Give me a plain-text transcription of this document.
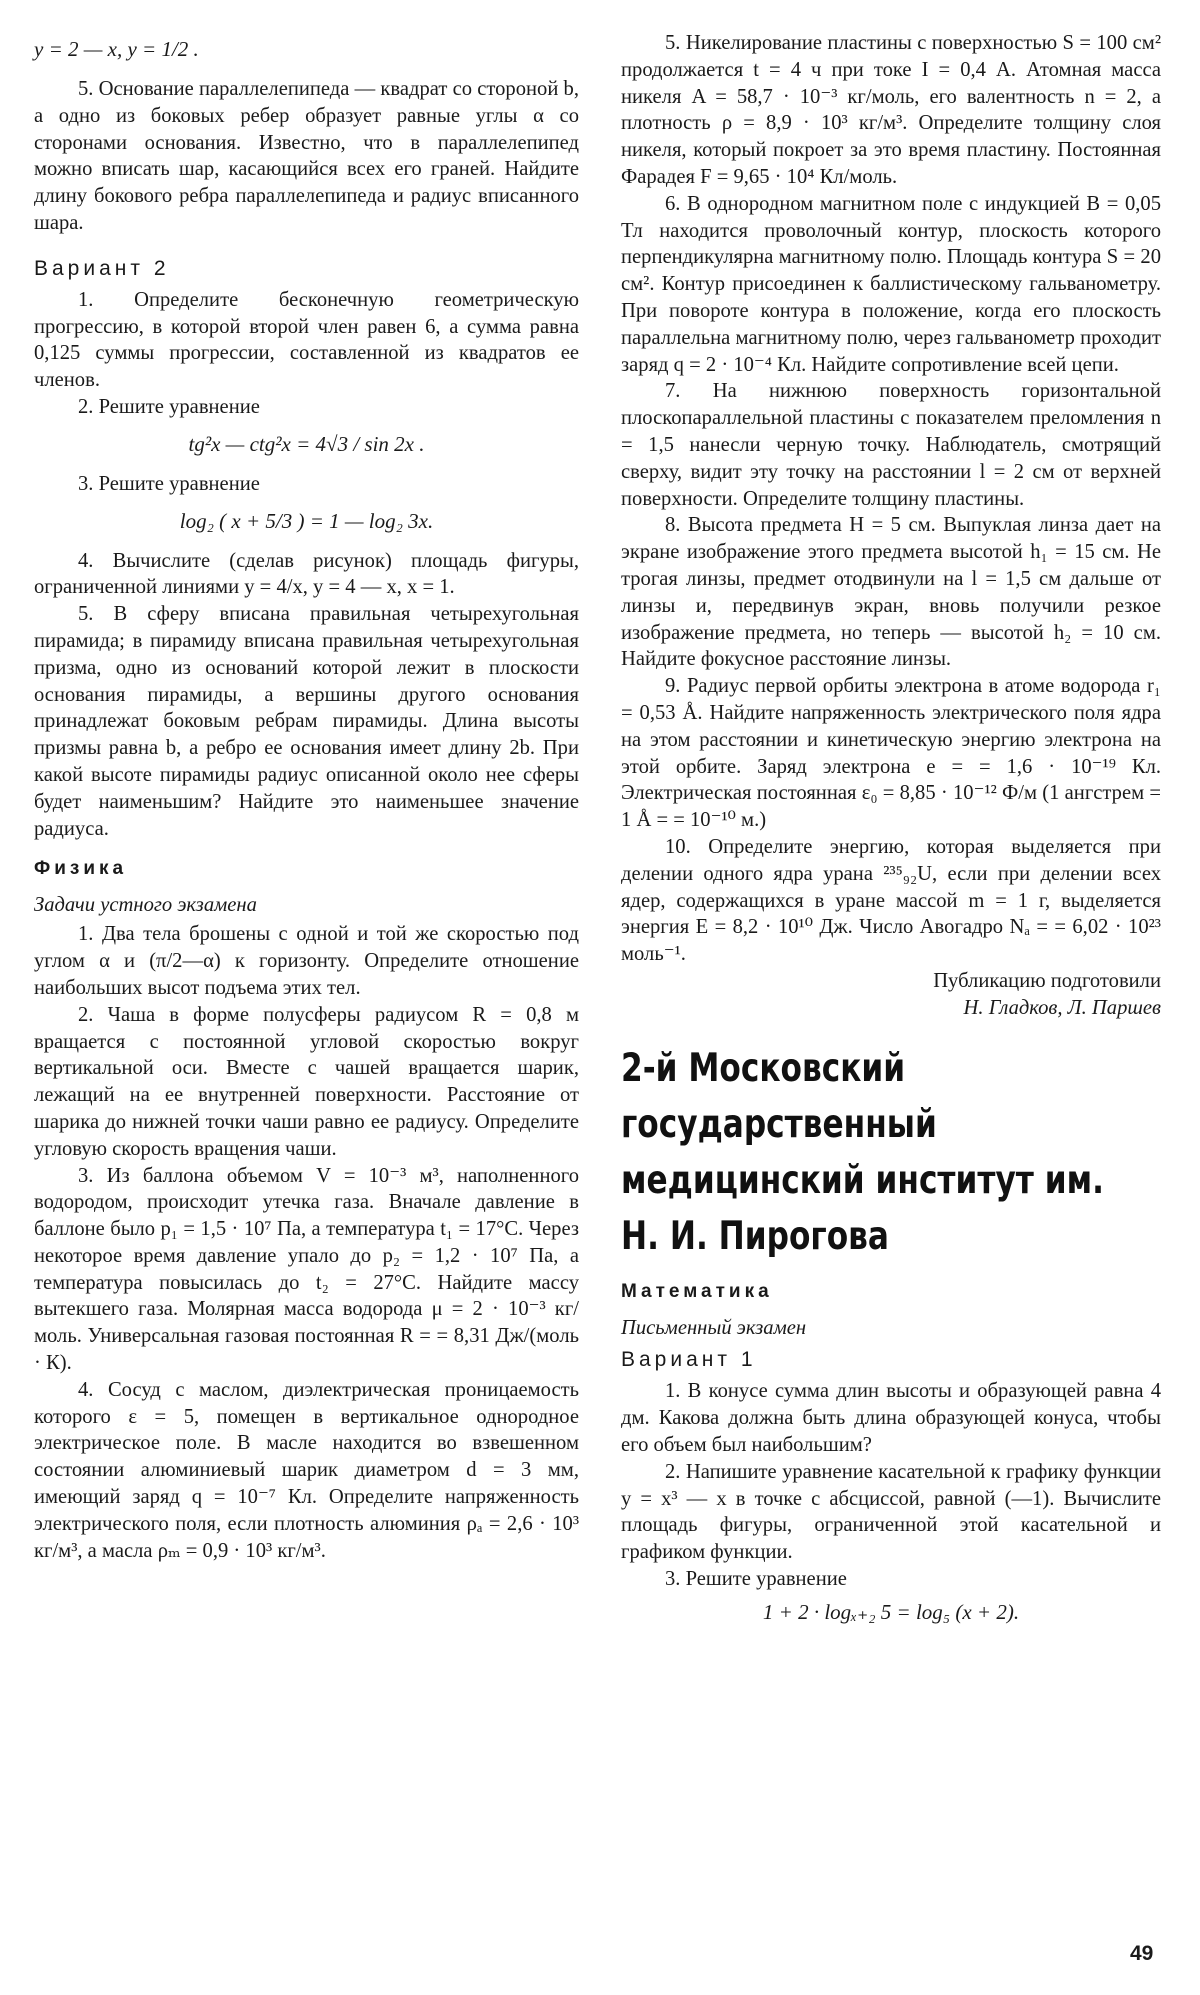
y = 2 — x, y = 1/2 .

5. Основание параллелепипеда — квадрат со стороной b, а одно из боковых ребер образует равные углы α со сторонами основания. Известно, что в параллелепипед можно вписать шар, касающийся всех его граней. Найдите длину бокового ребра параллелепипеда и радиус вписанного шара.

Вариант 2

1. Определите бесконечную геометрическую прогрессию, в которой второй член равен 6, а сумма равна 0,125 суммы прогрессии, составленной из квадратов ее членов.

2. Решите уравнение

tg²x — ctg²x = 4√3 / sin 2x .

3. Решите уравнение

log₂ ( x + 5/3 ) = 1 — log₂ 3x.

4. Вычислите (сделав рисунок) площадь фигуры, ограниченной линиями y = 4/x, y = 4 — x, x = 1.

5. В сферу вписана правильная четырехугольная пирамида; в пирамиду вписана правильная четырехугольная призма, одно из оснований которой лежит в плоскости основания пирамиды, а вершины другого основания принадлежат боковым ребрам пирамиды. Длина высоты призмы равна b, а ребро ее основания имеет длину 2b. При какой высоте пирамиды радиус описанной около нее сферы будет наименьшим? Найдите это наименьшее значение радиуса.

Физика
Задачи устного экзамена

1. Два тела брошены с одной и той же скоростью под углом α и (π/2—α) к горизонту. Определите отношение наибольших высот подъема этих тел.

2. Чаша в форме полусферы радиусом R = 0,8 м вращается с постоянной угловой скоростью вокруг вертикальной оси. Вместе с чашей вращается шарик, лежащий на ее внутренней поверхности. Расстояние от шарика до нижней точки чаши равно ее радиусу. Определите угловую скорость вращения чаши.

3. Из баллона объемом V = 10⁻³ м³, наполненного водородом, происходит утечка газа. Вначале давление в баллоне было p₁ = 1,5 · 10⁷ Па, а температура t₁ = 17°С. Через некоторое время давление упало до p₂ = 1,2 · 10⁷ Па, а температура повысилась до t₂ = 27°С. Найдите массу вытекшего газа. Молярная масса водорода μ = 2 · 10⁻³ кг/моль. Универсальная газовая постоянная R = = 8,31 Дж/(моль · К).

4. Сосуд с маслом, диэлектрическая проницаемость которого ε = 5, помещен в вертикальное однородное электрическое поле. В масле находится во взвешенном состоянии алюминиевый шарик диаметром d = 3 мм, имеющий заряд q = 10⁻⁷ Кл. Определите напряженность электрического поля, если плотность алюминия ρₐ = 2,6 · 10³ кг/м³, а масла ρₘ = 0,9 · 10³ кг/м³.

5. Никелирование пластины с поверхностью S = 100 см² продолжается t = 4 ч при токе I = 0,4 А. Атомная масса никеля A = 58,7 · 10⁻³ кг/моль, его валентность n = 2, а плотность ρ = 8,9 · 10³ кг/м³. Определите толщину слоя никеля, который покроет за это время пластину. Постоянная Фарадея F = 9,65 · 10⁴ Кл/моль.

6. В однородном магнитном поле с индукцией B = 0,05 Тл находится проволочный контур, плоскость которого перпендикулярна магнитному полю. Площадь контура S = 20 см². Контур присоединен к баллистическому гальванометру. При повороте контура в положение, когда его плоскость параллельна магнитному полю, через гальванометр проходит заряд q = 2 · 10⁻⁴ Кл. Найдите сопротивление всей цепи.

7. На нижнюю поверхность горизонтальной плоскопараллельной пластины с показателем преломления n = 1,5 нанесли черную точку. Наблюдатель, смотрящий сверху, видит эту точку на расстоянии l = 2 см от верхней поверхности. Определите толщину пластины.

8. Высота предмета H = 5 см. Выпуклая линза дает на экране изображение этого предмета высотой h₁ = 15 см. Не трогая линзы, предмет отодвинули на l = 1,5 см дальше от линзы и, передвинув экран, вновь получили резкое изображение предмета, но теперь — высотой h₂ = 10 см. Найдите фокусное расстояние линзы.

9. Радиус первой орбиты электрона в атоме водорода r₁ = 0,53 Å. Найдите напряженность электрического поля ядра на этом расстоянии и кинетическую энергию электрона на этой орбите. Заряд электрона e = = 1,6 · 10⁻¹⁹ Кл. Электрическая постоянная ε₀ = 8,85 · 10⁻¹² Ф/м (1 ангстрем = 1 Å = = 10⁻¹⁰ м.)

10. Определите энергию, которая выделяется при делении одного ядра урана ²³⁵₉₂U, если при делении всех ядер, содержащихся в уране массой m = 1 г, выделяется энергия E = 8,2 · 10¹⁰ Дж. Число Авогадро Nₐ = = 6,02 · 10²³ моль⁻¹.

Публикацию подготовили

Н. Гладков, Л. Паршев

2-й Московский государственный медицинский институт им. Н. И. Пирогова
Математика
Письменный экзамен
Вариант 1

1. В конусе сумма длин высоты и образующей равна 4 дм. Какова должна быть длина образующей конуса, чтобы его объем был наибольшим?

2. Напишите уравнение касательной к графику функции y = x³ — x в точке с абсциссой, равной (—1). Вычислите площадь фигуры, ограниченной этой касательной и графиком функции.

3. Решите уравнение

1 + 2 · logₓ₊₂ 5 = log₅ (x + 2).
49
